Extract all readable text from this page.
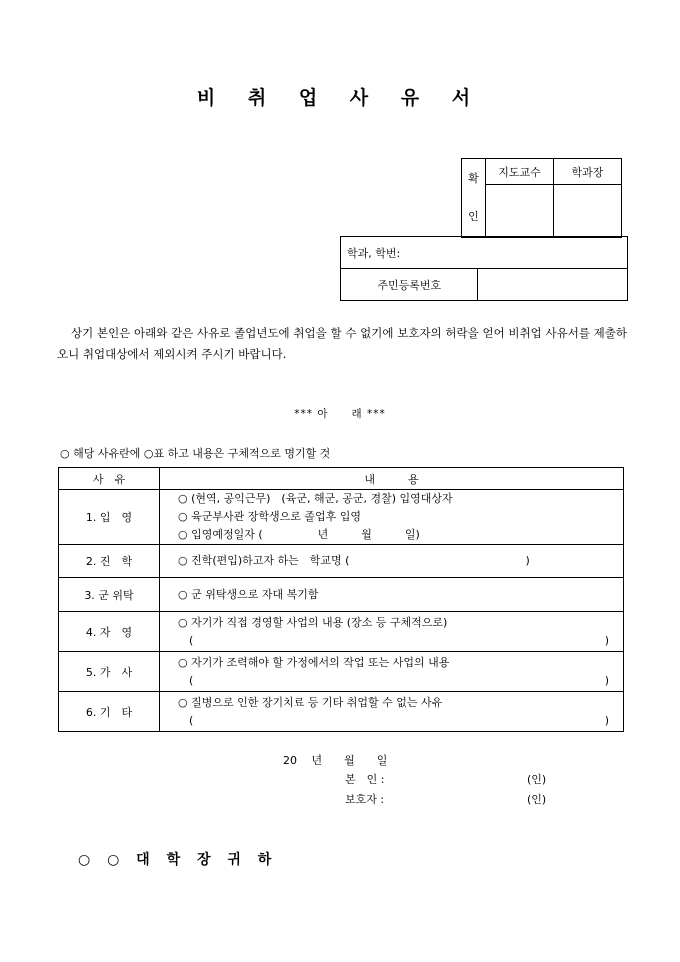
비 취 업 사 유 서
확
인	지도교수	학과장

학과, 학번:
주민등록번호	
상기 본인은 아래와 같은 사유로 졸업년도에 취업을 할 수 없기에 보호자의 허락을 얻어 비취업 사유서를 제출하오니 취업대상에서 제외시켜 주시기 바랍니다.
*** 아　　래 ***
○ 해당 사유란에 ○표 하고 내용은 구체적으로 명기할 것
사　유	내　　　용
1. 입　영	○ (현역, 공익근무)　(육군, 해군, 공군, 경찰) 입영대상자
○ 육군부사관 장학생으로 졸업후 입영
○ 입영예정일자 (　　　　　년　　　월　　　일)

2. 진　학	○ 진학(편입)하고자 하는　학교명 (　　　　　　　　　　　　　　　　)

3. 군 위탁	○ 군 위탁생으로 자대 복기함

4. 자　영	○ 자기가 직접 경영할 사업의 내용 (장소 등 구체적으로)
　( )

5. 가　사	○ 자기가 조력해야 할 가정에서의 작업 또는 사업의 내용
　( )

6. 기　타	○ 질병으로 인한 장기치료 등 기타 취업할 수 없는 사유
　( )
20　 년　　월　　일
본　인 :	(인)
보호자 :	(인)
○ ○ 대 학 장 귀 하
